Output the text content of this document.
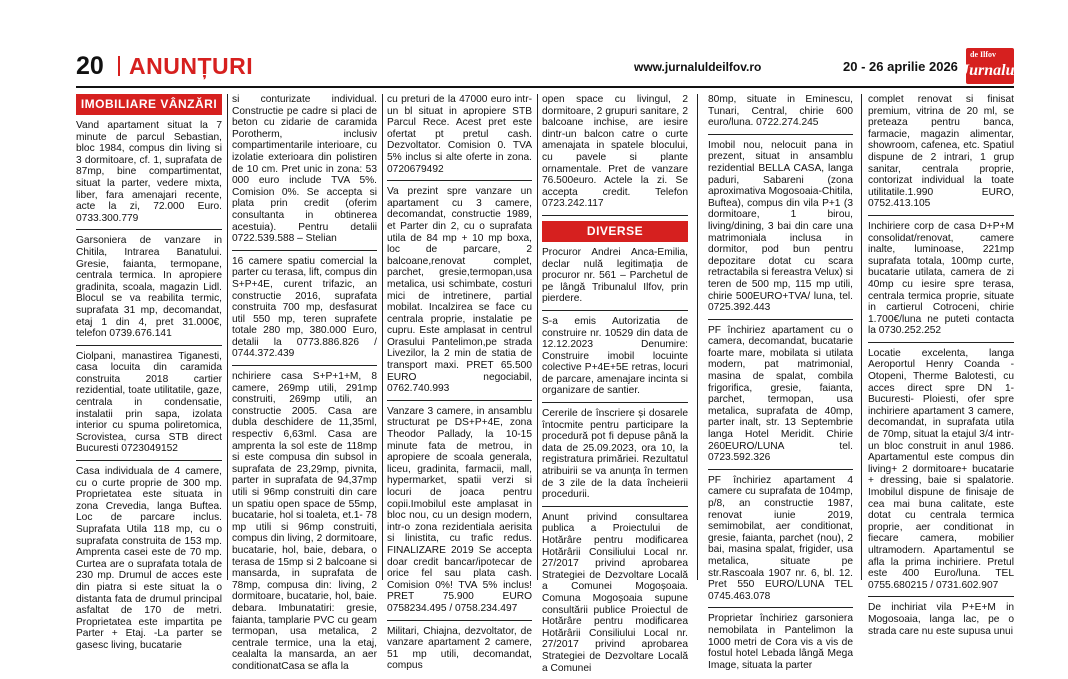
20 ANUNȚURI	www.jurnaluldeilfov.ro	20 - 26 aprilie 2026
de Ilfov
Jurnalul
IMOBILIARE VÂNZĂRI
Vand apartament situat la 7 minute de parcul Sebastian, bloc 1984, compus din living si 3 dormitoare, cf. 1, suprafata de 87mp, bine compartimentat, situat la parter, vedere mixta, liber, fara amenajari recente, acte la zi, 72.000 Euro. 0733.300.779
Garsoniera de vanzare in Chitila, Intrarea Banatului. Gresie, faianta, termopane, centrala termica. In apropiere gradinita, scoala, magazin Lidl. Blocul se va reabilita termic, suprafata 31 mp, decomandat, etaj 1 din 4, pret 31.000€, telefon 0739.676.141
Ciolpani, manastirea Tiganesti, casa locuita din caramida construita 2018 cartier rezidential, toate utilitatile, gaze, centrala in condensatie, instalatii prin sapa, izolata interior cu spuma poliretomica, Scrovistea, cursa STB direct Bucuresti 0723049152
Casa individuala de 4 camere, cu o curte proprie de 300 mp. Proprietatea este situata in zona Crevedia, langa Buftea. Loc de parcare inclus. Suprafata Utila 118 mp, cu o suprafata construita de 153 mp. Amprenta casei este de 70 mp. Curtea are o suprafata totala de 230 mp. Drumul de acces este din piatra si este situat la o distanta fata de drumul principal asfaltat de 170 de metri. Proprietatea este impartita pe Parter + Etaj. -La parter se gasesc living, bucatarie
si conturizate individual. Constructie pe cadre si placi de beton cu zidarie de caramida Porotherm, inclusiv compartimentarile interioare, cu izolatie exterioara din polistiren de 10 cm. Pret unic in zona: 53 000 euro include TVA 5%. Comision 0%. Se accepta si plata prin credit (oferim consultanta in obtinerea acestuia). Pentru detalii 0722.539.588 – Stelian
16 camere spatiu comercial la parter cu terasa, lift, compus din S+P+4E, curent trifazic, an constructie 2016, suprafata construita 700 mp, desfasurat util 550 mp, teren suprafete totale 280 mp, 380.000 Euro, detalii la 0773.886.826 / 0744.372.439
nchiriere casa S+P+1+M, 8 camere, 269mp utili, 291mp construiti, 269mp utili, an constructie 2005. Casa are dubla deschidere de 11,35ml, respectiv 6,63ml. Casa are amprenta la sol este de 118mp si este compusa din subsol in suprafata de 23,29mp, pivnita, parter in suprafata de 94,37mp utili si 96mp construiti din care un spatiu open space de 55mp, bucatarie, hol si toaleta, et.1- 78 mp utili si 96mp construiti, compus din living, 2 dormitoare, bucatarie, hol, baie, debara, o terasa de 15mp si 2 balcoane si mansarda, in suprafata de 78mp, compusa din: living, 2 dormitoare, bucatarie, hol, baie. debara. Imbunatatiri: gresie, faianta, tamplarie PVC cu geam termopan, usa metalica, 2 centrale termice, una la etaj, cealalta la mansarda, an aer conditionatCasa se afla la
cu preturi de la 47000 euro intr-un bl situat in apropiere STB Parcul Rece. Acest pret este ofertat pt pretul cash. Dezvoltator. Comision 0. TVA 5% inclus si alte oferte in zona. 0720679492
Va prezint spre vanzare un apartament cu 3 camere, decomandat, constructie 1989, et Parter din 2, cu o suprafata utila de 84 mp + 10 mp boxa, loc de parcare, 2 balcoane,renovat complet, parchet, gresie,termopan,usa metalica, usi schimbate, costuri mici de intretinere, partial mobilat. Incalzirea se face cu centrala proprie, instalatie pe cupru. Este amplasat in centrul Orasului Pantelimon,pe strada Livezilor, la 2 min de statia de transport maxi. PRET 65.500 EURO negociabil, 0762.740.993
Vanzare 3 camere, in ansamblu structurat pe DS+P+4E, zona Theodor Pallady, la 10-15 minute fata de metrou, in apropiere de scoala generala, liceu, gradinita, farmacii, mall, hypermarket, spatii verzi si locuri de joaca pentru copii.Imobilul este amplasat in bloc nou, cu un design modern, intr-o zona rezidentiala aerisita si linistita, cu trafic redus. FINALIZARE 2019 Se accepta doar credit bancar/ipotecar de orice fel sau plata cash. Comision 0%! TVA 5% inclus! PRET 75.900 EURO 0758234.495 / 0758.234.497
Militari, Chiajna, dezvoltator, de vanzare apartament 2 camere, 51 mp utili, decomandat, compus
open space cu livingul, 2 dormitoare, 2 grupuri sanitare, 2 balcoane inchise, are iesire dintr-un balcon catre o curte amenajata in spatele blocului, cu pavele si plante ornamentale. Pret de vanzare 76.500euro. Actele la zi. Se accepta credit. Telefon 0723.242.117
DIVERSE
Procuror Andrei Anca-Emilia, declar nulă legitimația de procuror nr. 561 – Parchetul de pe lângă Tribunalul Ilfov, prin pierdere.
S-a emis Autorizatia de construire nr. 10529 din data de 12.12.2023 Denumire: Construire imobil locuinte colective P+4E+5E retras, locuri de parcare, amenajare incinta si organizare de santier.
Cererile de înscriere și dosarele întocmite pentru participare la procedură pot fi depuse până la data de 25.09.2023, ora 10, la registratura primăriei. Rezultatul atribuirii se va anunța în termen de 3 zile de la data încheierii procedurii.
Anunt privind consultarea publica a Proiectului de Hotărâre pentru modificarea Hotărârii Consiliului Local nr. 27/2017 privind aprobarea Strategiei de Dezvoltare Locală a Comunei Mogoșoaia. Comuna Mogoșoaia supune consultării publice Proiectul de Hotărâre pentru modificarea Hotărârii Consiliului Local nr. 27/2017 privind aprobarea Strategiei de Dezvoltare Locală a Comunei
80mp, situate in Eminescu, Tunari, Central, chirie 600 euro/luna. 0722.274.245
Imobil nou, nelocuit pana in prezent, situat in ansamblu rezidential BELLA CASA, langa paduri, Sabareni (zona aproximativa Mogosoaia-Chitila, Buftea), compus din vila P+1 (3 dormitoare, 1 birou, living/dining, 3 bai din care una matrimoniala inclusa in dormitor, pod bun pentru depozitare dotat cu scara retractabila si fereastra Velux) si teren de 500 mp, 115 mp utili, chirie 500EURO+TVA/ luna, tel. 0725.392.443
PF închiriez apartament cu o camera, decomandat, bucatarie foarte mare, mobilata si utilata modern, pat matrimonial, masina de spalat, combila frigorifica, gresie, faianta, parchet, termopan, usa metalica, suprafata de 40mp, parter inalt, str. 13 Septembrie langa Hotel Meridit. Chirie 260EURO/LUNA tel. 0723.592.326
PF închiriez apartament 4 camere cu suprafata de 104mp, p/8, an constructie 1987, renovat iunie 2019, semimobilat, aer conditionat, gresie, faianta, parchet (nou), 2 bai, masina spalat, frigider, usa metalica, situate pe str.Rascoala 1907 nr. 6, bl. 12. Pret 550 EURO/LUNA TEL 0745.463.078
Proprietar închiriez garsoniera nemobilata in Pantelimon la 1000 metri de Cora vis a vis de fostul hotel Lebada lângă Mega Image, situata la parter
complet renovat si finisat premium, vitrina de 20 ml, se preteaza pentru banca, farmacie, magazin alimentar, showroom, cafenea, etc. Spatiul dispune de 2 intrari, 1 grup sanitar, centrala proprie, contorizat individual la toate utilitatile.1.990 EURO, 0752.413.105
Inchiriere corp de casa D+P+M consolidat/renovat, camere inalte, luminoase, 221mp suprafata totala, 100mp curte, bucatarie utilata, camera de zi 40mp cu iesire spre terasa, centrala termica proprie, situate in cartierul Cotroceni, chirie 1.700€/luna ne puteti contacta la 0730.252.252
Locatie excelenta, langa Aeroportul Henry Coanda -Otopeni, Therme Balotesti, cu acces direct spre DN 1- Bucuresti- Ploiesti, ofer spre inchiriere apartament 3 camere, decomandat, in suprafata utila de 70mp, situat la etajul 3/4 intr-un bloc construit in anul 1986. Apartamentul este compus din living+ 2 dormitoare+ bucatarie + dressing, baie si spalatorie. Imobilul dispune de finisaje de cea mai buna calitate, este dotat cu centrala termica proprie, aer conditionat in fiecare camera, mobilier ultramodern. Apartamentul se afla la prima inchiriere. Pretul este 400 Euro/luna. TEL 0755.680215 / 0731.602.907
De inchiriat vila P+E+M in Mogosoaia, langa lac, pe o strada care nu este supusa unui
